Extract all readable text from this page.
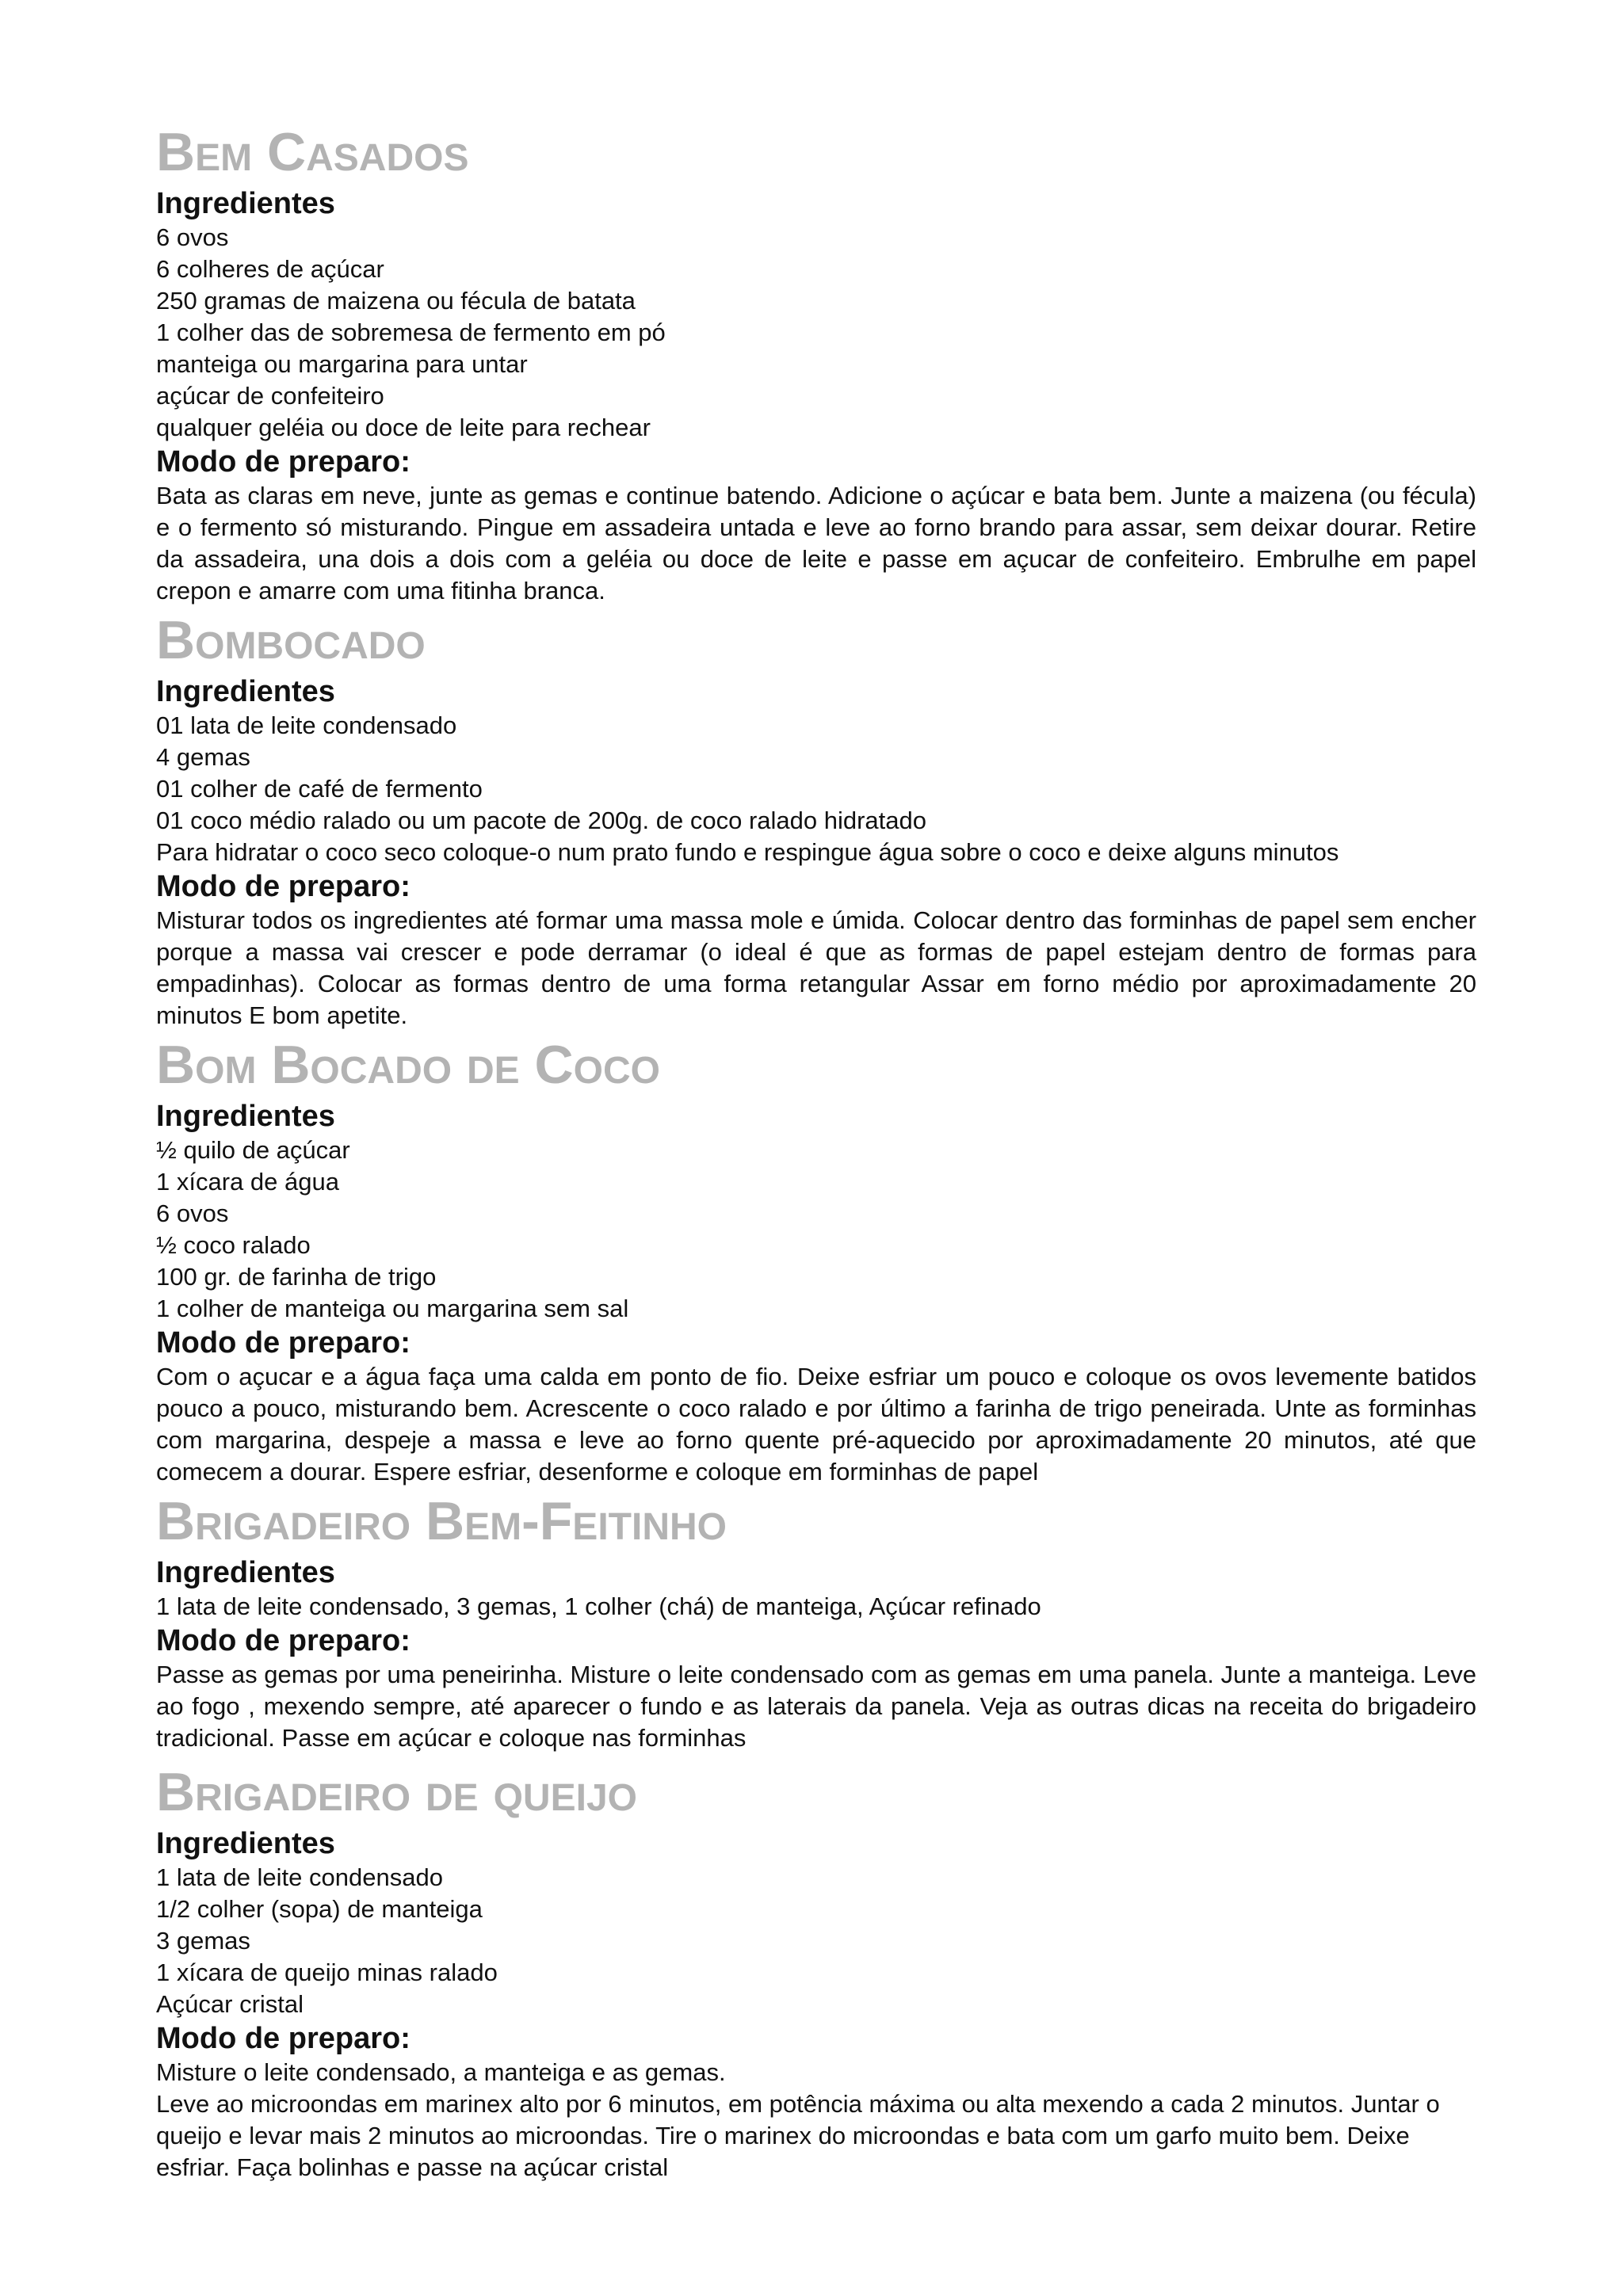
Bem Casados
Ingredientes
6 ovos
6 colheres de açúcar
250 gramas de maizena ou fécula de batata
1 colher das de sobremesa de fermento em pó
manteiga ou margarina para untar
açúcar de confeiteiro
qualquer geléia ou doce de leite para rechear
Modo de preparo:

Bata as claras em neve, junte as gemas e continue batendo. Adicione o açúcar e bata bem. Junte a maizena (ou fécula) e o fermento só misturando. Pingue em assadeira untada e leve ao forno brando para assar, sem deixar dourar. Retire da assadeira, una dois a dois com a geléia ou doce de leite e passe em açucar de confeiteiro. Embrulhe em papel crepon e amarre com uma fitinha branca.

Bombocado
Ingredientes
01 lata de leite condensado
4 gemas
01 colher de café de fermento
01 coco médio ralado ou um pacote de 200g. de coco ralado hidratado
Para hidratar o coco seco coloque-o num prato fundo e respingue água sobre o coco e deixe alguns minutos
Modo de preparo:

Misturar todos os ingredientes até formar uma massa mole e úmida. Colocar dentro das forminhas de papel sem encher porque a massa vai crescer e pode derramar (o ideal é que as formas de papel estejam dentro de formas para empadinhas). Colocar as formas dentro de uma forma retangular Assar em forno médio por aproximadamente 20 minutos E bom apetite.

Bom Bocado de Coco
Ingredientes
½ quilo de açúcar
1 xícara de água
6 ovos
½ coco ralado
100 gr. de farinha de trigo
1 colher de manteiga ou margarina sem sal
Modo de preparo:

Com o açucar e a água faça uma calda em ponto de fio. Deixe esfriar um pouco e coloque os ovos levemente batidos pouco a pouco, misturando bem. Acrescente o coco ralado e por último a farinha de trigo peneirada. Unte as forminhas com margarina, despeje a massa e leve ao forno quente pré-aquecido por aproximadamente 20 minutos, até que comecem a dourar. Espere esfriar, desenforme e coloque em forminhas de papel

Brigadeiro Bem-Feitinho
Ingredientes
1 lata de leite condensado, 3 gemas, 1 colher (chá) de manteiga, Açúcar refinado
Modo de preparo:

Passe as gemas por uma peneirinha. Misture o leite condensado com as gemas em uma panela. Junte a manteiga. Leve ao fogo , mexendo sempre, até aparecer o fundo e as laterais da panela. Veja as outras dicas na receita do brigadeiro tradicional. Passe em açúcar e coloque nas forminhas

Brigadeiro de queijo
Ingredientes
1 lata de leite condensado
1/2 colher (sopa) de manteiga
3 gemas
1 xícara de queijo minas ralado
Açúcar cristal
Modo de preparo:

Misture o leite condensado, a manteiga e as gemas.
Leve ao microondas em marinex alto por 6 minutos, em potência máxima ou alta mexendo a cada 2 minutos. Juntar o queijo e levar mais 2 minutos ao microondas. Tire o marinex do microondas e bata com um garfo muito bem. Deixe esfriar. Faça bolinhas e passe na açúcar cristal
